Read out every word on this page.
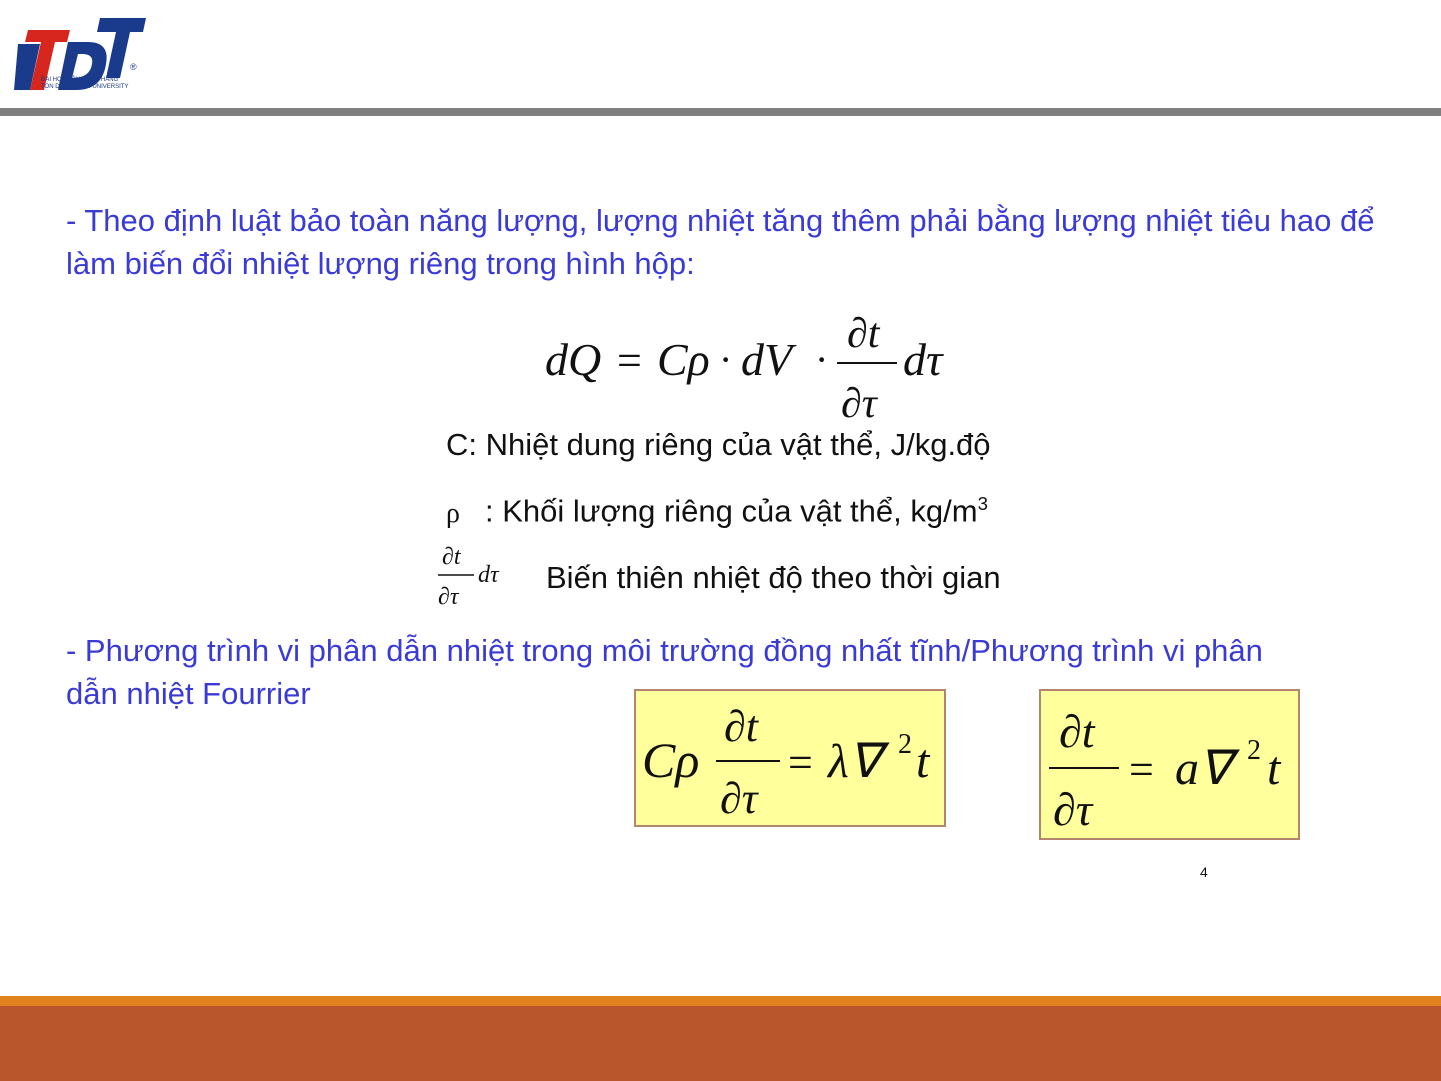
®
ĐẠI HỌC TÔN ĐỨC THẮNG
TON DUC THANG UNIVERSITY

- Theo định luật bảo toàn năng lượng, lượng nhiệt tăng thêm phải bằng lượng nhiệt tiêu hao để làm biến đổi nhiệt lượng riêng trong hình hộp:

dQ = Cρ · dV ·
∂t
∂τ
dτ
C: Nhiệt dung riêng của vật thể, J/kg.độ
ρ : Khối lượng riêng của vật thể, $kg/m^3$
∂t
∂τ
dτ Biến thiên nhiệt độ theo thời gian

- Phương trình vi phân dẫn nhiệt trong môi trường đồng nhất tĩnh/Phương trình vi phân dẫn nhiệt Fourrier

Cρ
∂t
∂τ
= λ∇ 2 t
∂t
∂τ
= a∇ 2 t
4
